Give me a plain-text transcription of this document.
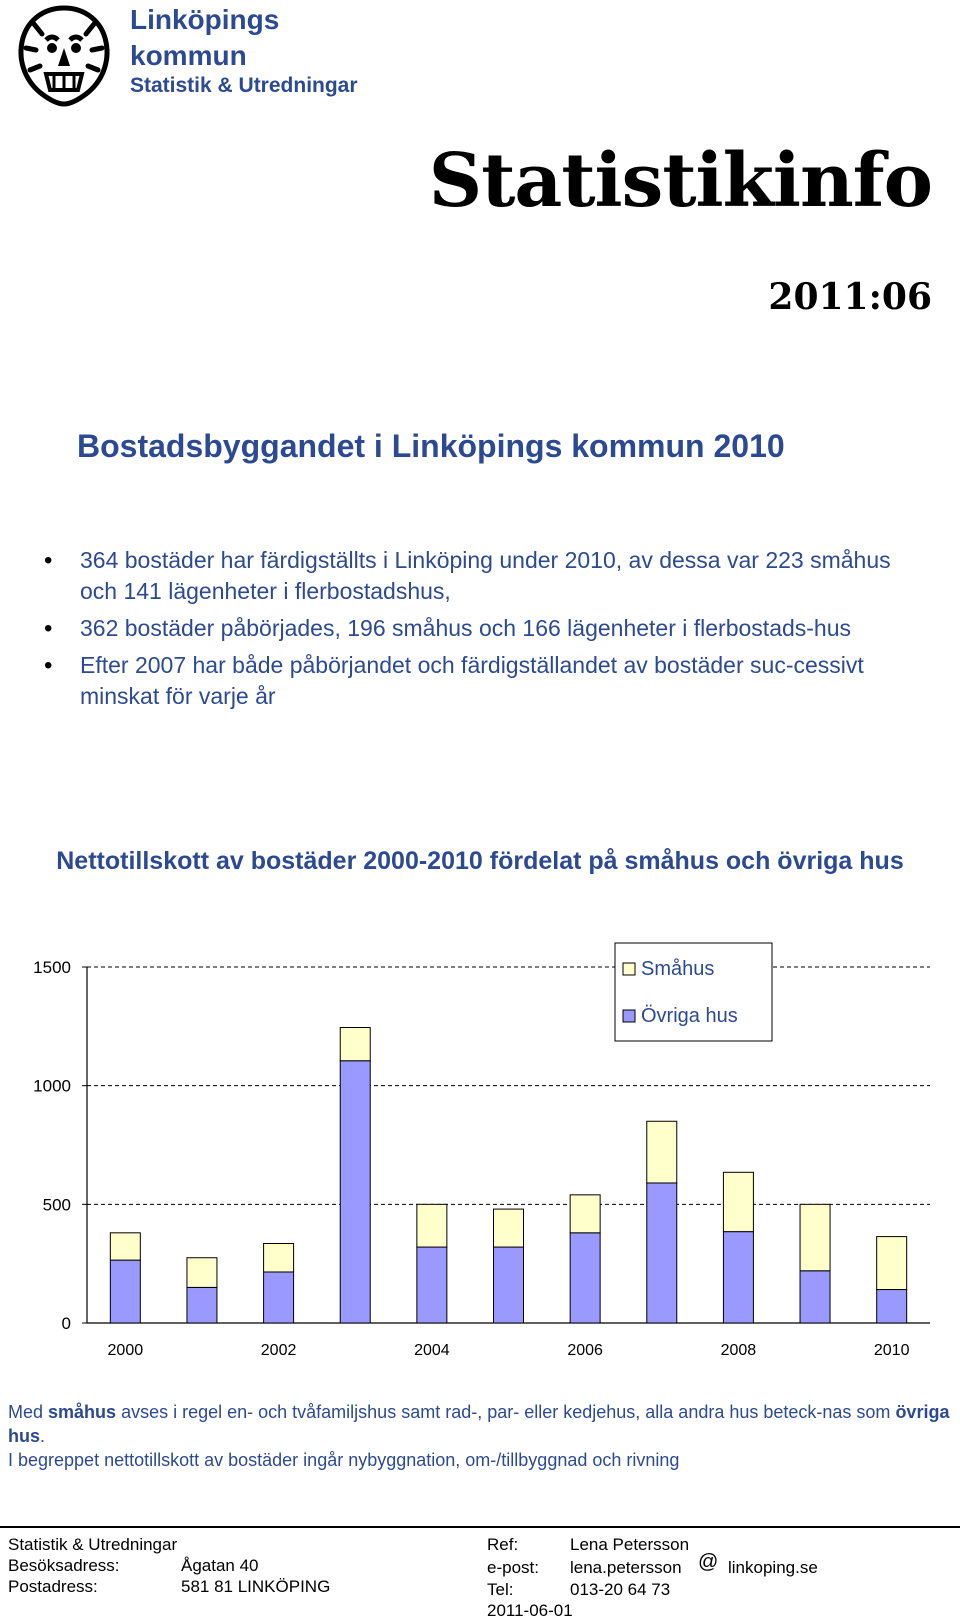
Linköpings
kommun
Statistik & Utredningar
Statistikinfo
2011:06
Bostadsbyggandet i Linköpings kommun 2010
• 364 bostäder har färdigställts i Linköping under 2010, av dessa var 223 småhus och 141 lägenheter i flerbostadshus,
• 362 bostäder påbörjades, 196 småhus och 166 lägenheter i flerbostads-hus
• Efter 2007 har både påbörjandet och färdigställandet av bostäder suc-cessivt minskat för varje år
Nettotillskott av bostäder 2000-2010 fördelat på småhus och övriga hus
0
500
1000
1500
2000	2002	2004	2006	2008	2010
Småhus
Övriga hus
Med småhus avses i regel en- och tvåfamiljshus samt rad-, par- eller kedjehus, alla andra hus beteck-nas som övriga hus.
I begreppet nettotillskott av bostäder ingår nybyggnation, om-/tillbyggnad och rivning
Statistik & Utredningar
Besöksadress:	Ågatan 40
Postadress:	581 81 LINKÖPING
Ref:	Lena Petersson
e-post: lena.petersson @ linkoping.se
Tel:	013-20 64 73
2011-06-01
